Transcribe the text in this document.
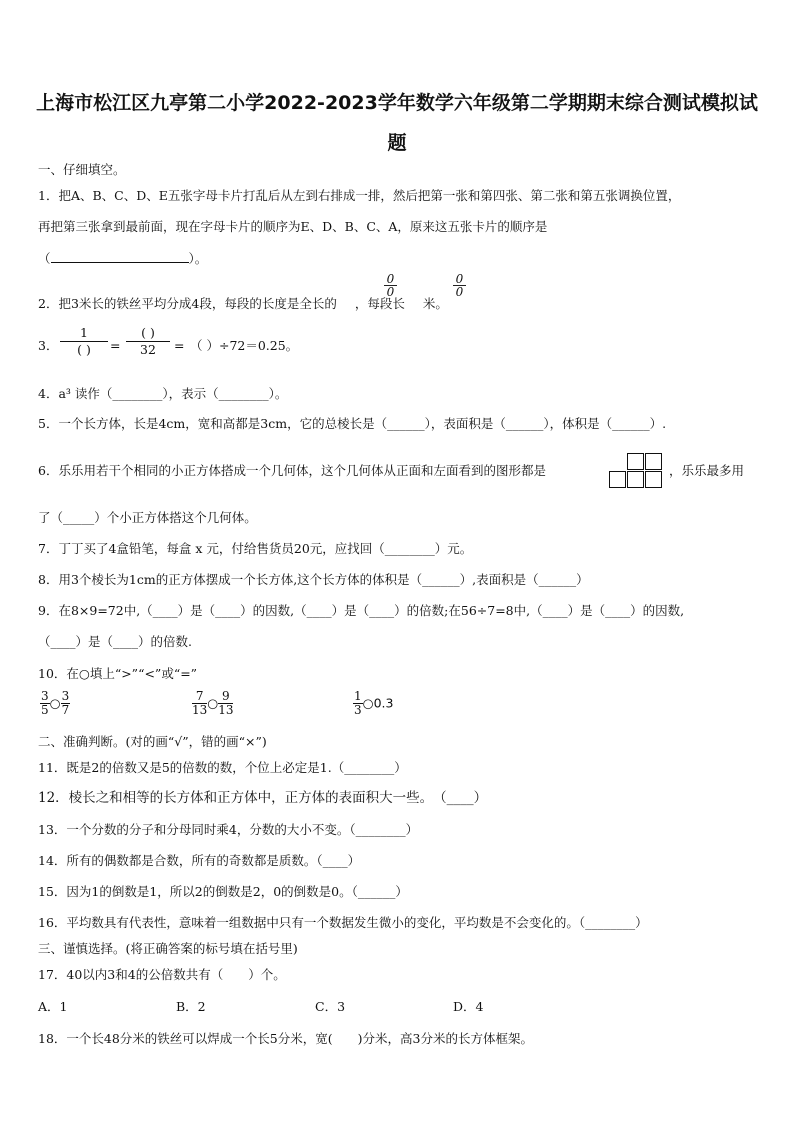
上海市松江区九亭第二小学2022-2023学年数学六年级第二学期期末综合测试模拟试
题
一、仔细填空。
1．把A、B、C、D、E五张字母卡片打乱后从左到右排成一排，然后把第一张和第四张、第二张和第五张调换位置，
再把第三张拿到最前面，现在字母卡片的顺序为E、D、B、C、A，原来这五张卡片的顺序是
（	）。
2．把3米长的铁丝平均分成4段，每段的长度是全长的 ，每段长 米。
$\frac{0}{0}$	$\frac{0}{0}$
3．
1
( )	=
( )
32	= （ ）÷72＝0.25。
4．a³ 读作（________），表示（________）。
5．一个长方体，长是4cm，宽和高都是3cm，它的总棱长是（______），表面积是（______），体积是（______）.
6．乐乐用若干个相同的小正方体搭成一个几何体，这个几何体从正面和左面看到的图形都是	，乐乐最多用
了（_____）个小正方体搭这个几何体。
7．丁丁买了4盒铅笔，每盒 x 元，付给售货员20元，应找回（________）元。
8．用3个棱长为1cm的正方体摆成一个长方体,这个长方体的体积是（______）,表面积是（______）
9．在8×9=72中,（____）是（____）的因数,（____）是（____）的倍数;在56÷7=8中,（____）是（____）的因数,
（____）是（____）的倍数.
10．在○填上“>”“<”或“=”
$\frac{3}{5}$ ○ $\frac{3}{7}$	$\frac{7}{13}$ ○ $\frac{9}{13}$	$\frac{1}{3}$ ○0.3
二、准确判断。(对的画“√”，错的画“×”)
11．既是2的倍数又是5的倍数的数，个位上必定是1.（________）
12．棱长之和相等的长方体和正方体中，正方体的表面积大一些。　（____）
13．一个分数的分子和分母同时乘4，分数的大小不变。（________）
14．所有的偶数都是合数，所有的奇数都是质数。（____）
15．因为1的倒数是1，所以2的倒数是2，0的倒数是0。（______）
16．平均数具有代表性，意味着一组数据中只有一个数据发生微小的变化，平均数是不会变化的。（________）
三、谨慎选择。(将正确答案的标号填在括号里)
17．40以内3和4的公倍数共有（　　）个。
A．1	B．2	C．3	D．4
18．一个长48分米的铁丝可以焊成一个长5分米，宽(　　)分米，高3分米的长方体框架。
